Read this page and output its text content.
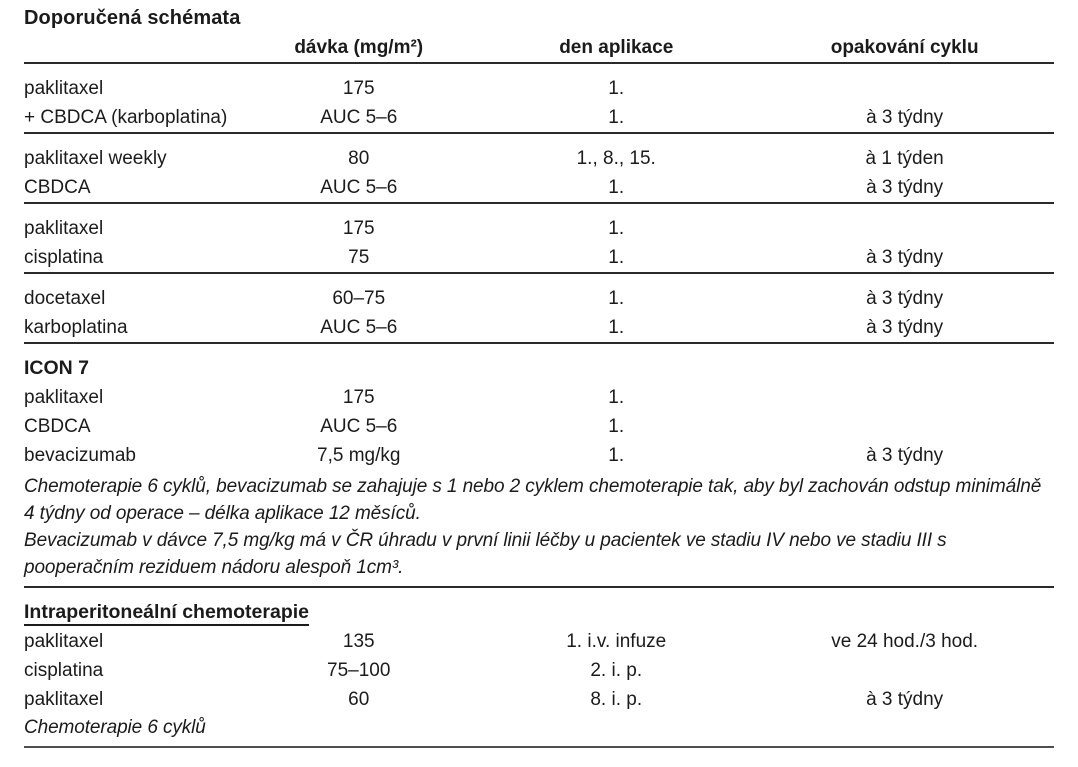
Doporučená schémata
	dávka (mg/m²)	den aplikace	opakování cyklu
paklitaxel	175	1.	
+ CBDCA (karboplatina)	AUC 5–6	1.	à 3 týdny
paklitaxel weekly	80	1., 8., 15.	à 1 týden
CBDCA	AUC 5–6	1.	à 3 týdny
paklitaxel	175	1.	
cisplatina	75	1.	à 3 týdny
docetaxel	60–75	1.	à 3 týdny
karboplatina	AUC 5–6	1.	à 3 týdny
ICON 7			
paklitaxel	175	1.	
CBDCA	AUC 5–6	1.	
bevacizumab	7,5 mg/kg	1.	à 3 týdny
Chemoterapie 6 cyklů, bevacizumab se zahajuje s 1 nebo 2 cyklem chemoterapie tak, aby byl zachován odstup minimálně 4 týdny od operace – délka aplikace 12 měsíců.			
Bevacizumab v dávce 7,5 mg/kg má v ČR úhradu v první linii léčby u pacientek ve stadiu IV nebo ve stadiu III s pooperačním reziduem nádoru alespoň 1cm³.			
Intraperitoneální chemoterapie			
paklitaxel	135	1. i.v. infuze	ve 24 hod./3 hod.
cisplatina	75–100	2. i. p.	
paklitaxel	60	8. i. p.	à 3 týdny
Chemoterapie 6 cyklů			
